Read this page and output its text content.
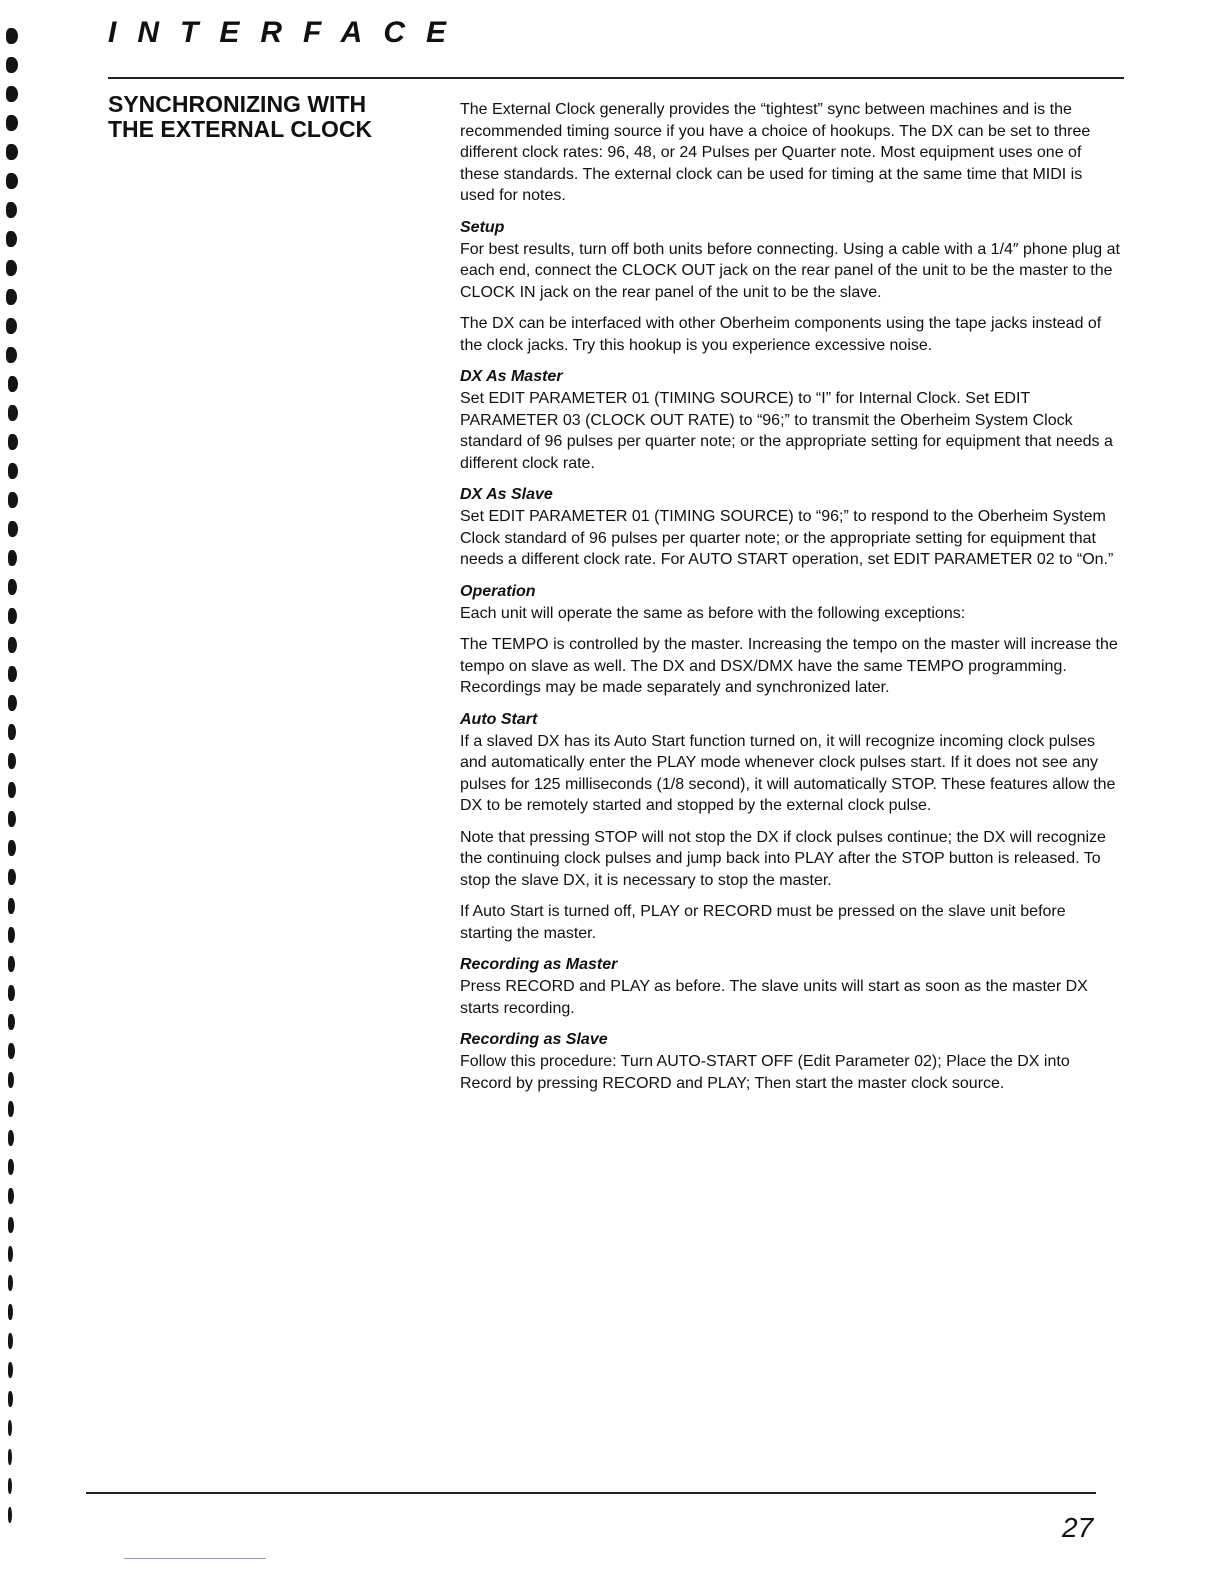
INTERFACE
SYNCHRONIZING WITH
THE EXTERNAL CLOCK

The External Clock generally provides the “tightest” sync between machines and is the recommended timing source if you have a choice of hookups. The DX can be set to three different clock rates: 96, 48, or 24 Pulses per Quarter note. Most equipment uses one of these standards. The external clock can be used for timing at the same time that MIDI is used for notes.

Setup

For best results, turn off both units before connecting. Using a cable with a 1/4″ phone plug at each end, connect the CLOCK OUT jack on the rear panel of the unit to be the master to the CLOCK IN jack on the rear panel of the unit to be the slave.

The DX can be interfaced with other Oberheim components using the tape jacks instead of the clock jacks. Try this hookup is you experience excessive noise.

DX As Master

Set EDIT PARAMETER 01 (TIMING SOURCE) to “I” for Internal Clock. Set EDIT PARAMETER 03 (CLOCK OUT RATE) to “96;” to transmit the Oberheim System Clock standard of 96 pulses per quarter note; or the appropriate setting for equipment that needs a different clock rate.

DX As Slave

Set EDIT PARAMETER 01 (TIMING SOURCE) to “96;” to respond to the Oberheim System Clock standard of 96 pulses per quarter note; or the appropriate setting for equipment that needs a different clock rate. For AUTO START operation, set EDIT PARAMETER 02 to “On.”

Operation

Each unit will operate the same as before with the following exceptions:

The TEMPO is controlled by the master. Increasing the tempo on the master will increase the tempo on slave as well. The DX and DSX/DMX have the same TEMPO programming. Recordings may be made separately and synchronized later.

Auto Start

If a slaved DX has its Auto Start function turned on, it will recognize incoming clock pulses and automatically enter the PLAY mode whenever clock pulses start. If it does not see any pulses for 125 milliseconds (1/8 second), it will automatically STOP. These features allow the DX to be remotely started and stopped by the external clock pulse.

Note that pressing STOP will not stop the DX if clock pulses continue; the DX will recognize the continuing clock pulses and jump back into PLAY after the STOP button is released. To stop the slave DX, it is necessary to stop the master.

If Auto Start is turned off, PLAY or RECORD must be pressed on the slave unit before starting the master.

Recording as Master

Press RECORD and PLAY as before. The slave units will start as soon as the master DX starts recording.

Recording as Slave

Follow this procedure: Turn AUTO-START OFF (Edit Parameter 02); Place the DX into Record by pressing RECORD and PLAY; Then start the master clock source.

27
